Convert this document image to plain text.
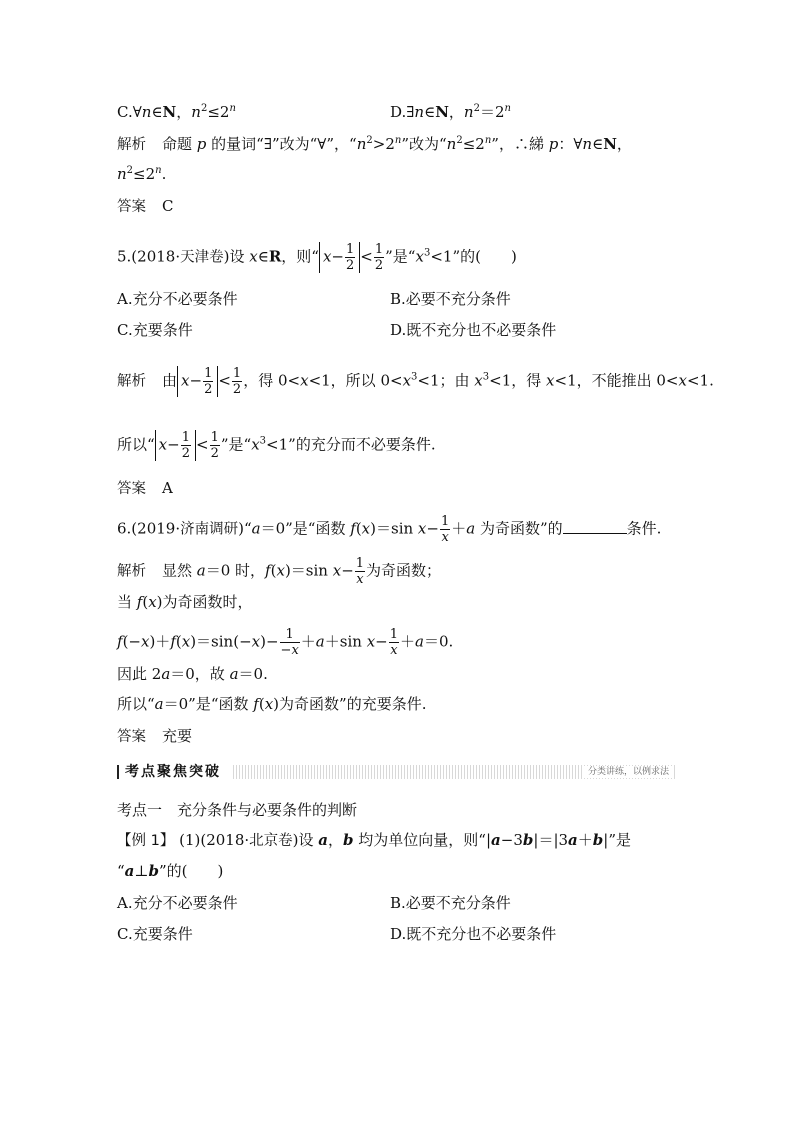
C.∀n∈N，$n^2\le 2^n$	D.∃n∈N，$n^2=2^n$
解析 命题 p 的量词“∃”改为“∀”，“$n^2>2^n$”改为“$n^2\le 2^n$”，∴綈 p：∀n∈N，
$n^2\le 2^n$.
答案 C
5.(2018·天津卷)设 x∈R，则“ $x- \frac{1}{2} < \frac{1}{2}$ ”是“$x^3<1$”的(　　)
A.充分不必要条件	B.必要不充分条件
C.充要条件	D.既不充分也不必要条件
解析 由 $x- \frac{1}{2} < \frac{1}{2}$ ，得 0<x<1，所以 $0<x^3<1$；由 $x^3<1$，得 x<1，不能推出 0<x<1.
所以“ $x- \frac{1}{2} < \frac{1}{2}$ ”是“$x^3<1$”的充分而不必要条件.
答案 A
6.(2019·济南调研)“a＝0”是“函数 f(x)＝sin $x- \frac{1}{x} +a$ 为奇函数”的	条件.
解析 显然 a＝0 时，f(x)＝sin $x- \frac{1}{x}$ 为奇函数；
当 f(x)为奇函数时，
$f(-x)+f(x)=\sin(-x)- \frac{1}{-x} +a+\sin$ $x- \frac{1}{x} +a=0$.
因此 2a＝0，故 a＝0.
所以“a＝0”是“函数 f(x)为奇函数”的充要条件.
答案 充要
考点聚焦突破	分类讲练，以例求法
考点一　充分条件与必要条件的判断
【例 1】 (1)(2018·北京卷)设 a，b 均为单位向量，则“|a−3b|＝|3a＋b|”是
“a⊥b”的(　　)
A.充分不必要条件	B.必要不充分条件
C.充要条件	D.既不充分也不必要条件
